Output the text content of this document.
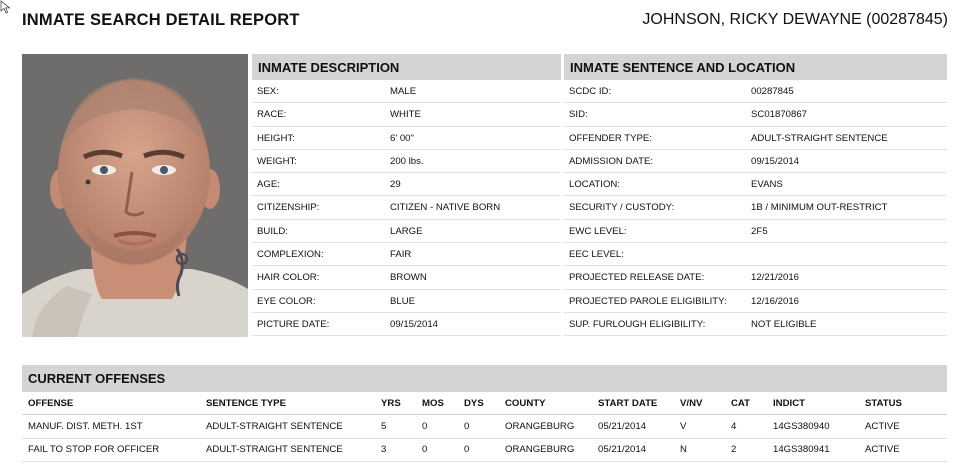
INMATE SEARCH DETAIL REPORT	JOHNSON, RICKY DEWAYNE (00287845)
INMATE DESCRIPTION
SEX:	MALE
RACE:	WHITE
HEIGHT:	6' 00"
WEIGHT:	200 lbs.
AGE:	29
CITIZENSHIP:	CITIZEN - NATIVE BORN
BUILD:	LARGE
COMPLEXION:	FAIR
HAIR COLOR:	BROWN
EYE COLOR:	BLUE
PICTURE DATE:	09/15/2014
INMATE SENTENCE AND LOCATION
SCDC ID:	00287845
SID:	SC01870867
OFFENDER TYPE:	ADULT-STRAIGHT SENTENCE
ADMISSION DATE:	09/15/2014
LOCATION:	EVANS
SECURITY / CUSTODY:	1B / MINIMUM OUT-RESTRICT
EWC LEVEL:	2F5
EEC LEVEL:
PROJECTED RELEASE DATE:	12/21/2016
PROJECTED PAROLE ELIGIBILITY:	12/16/2016
SUP. FURLOUGH ELIGIBILITY:	NOT ELIGIBLE
CURRENT OFFENSES
OFFENSE	SENTENCE TYPE	YRS	MOS	DYS	COUNTY	START DATE	V/NV	CAT	INDICT	STATUS
MANUF. DIST. METH. 1ST	ADULT-STRAIGHT SENTENCE	5	0	0	ORANGEBURG	05/21/2014	V	4	14GS380940	ACTIVE
FAIL TO STOP FOR OFFICER	ADULT-STRAIGHT SENTENCE	3	0	0	ORANGEBURG	05/21/2014	N	2	14GS380941	ACTIVE
